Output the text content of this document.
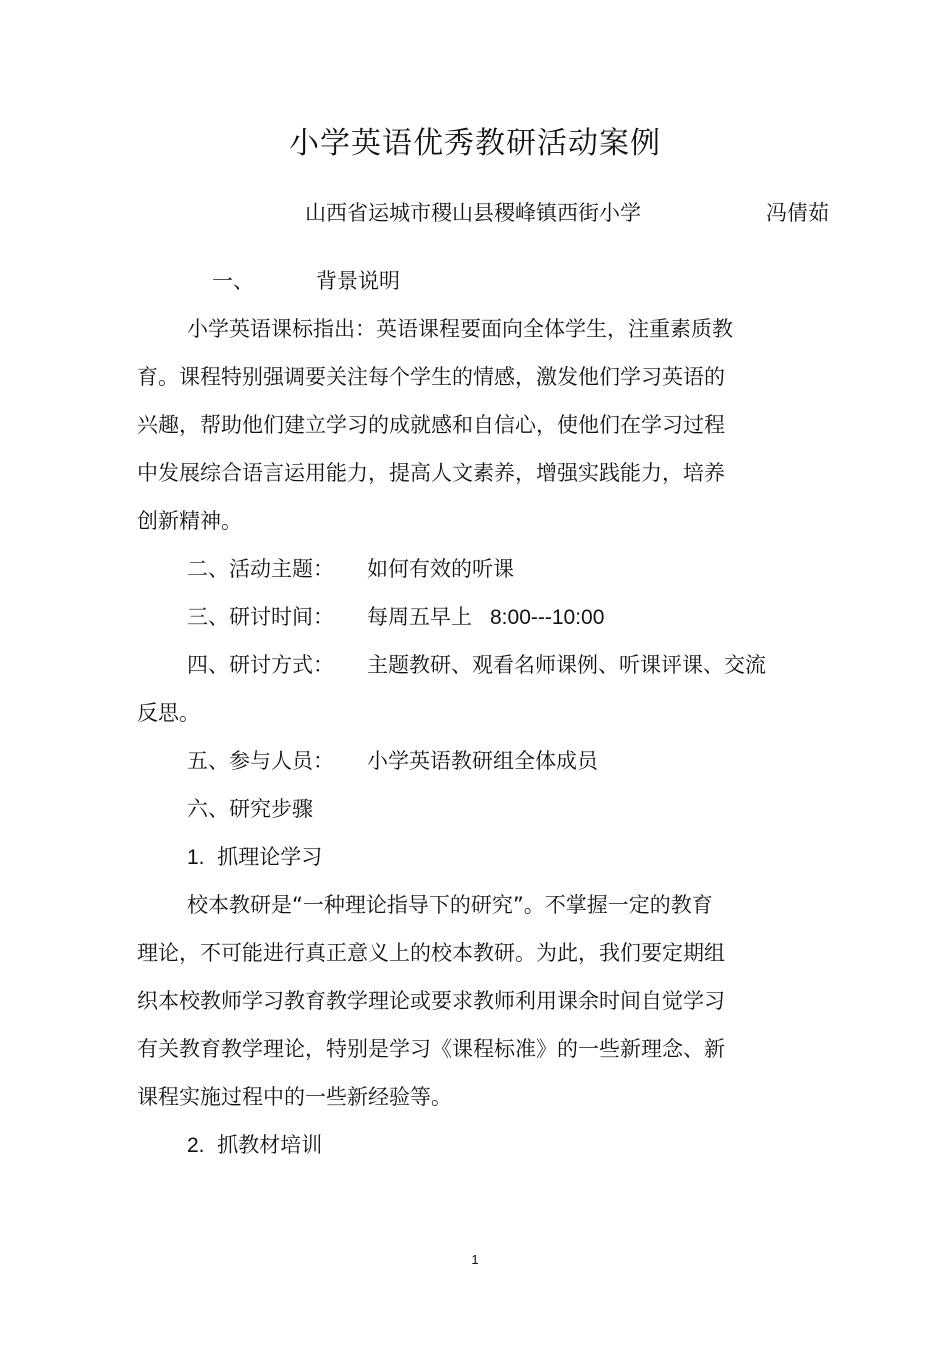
小学英语优秀教研活动案例
山西省运城市稷山县稷峰镇西街小学	冯倩茹
一、	背景说明
小学英语课标指出：英语课程要面向全体学生，注重素质教
育。课程特别强调要关注每个学生的情感，激发他们学习英语的
兴趣，帮助他们建立学习的成就感和自信心，使他们在学习过程
中发展综合语言运用能力，提高人文素养，增强实践能力，培养
创新精神。
二、活动主题： 如何有效的听课
三、研讨时间： 每周五早上 8:00---10:00
四、研讨方式： 主题教研、观看名师课例、听课评课、交流
反思。
五、参与人员： 小学英语教研组全体成员
六、研究步骤
1. 抓理论学习
校本教研是“一种理论指导下的研究”。不掌握一定的教育
理论，不可能进行真正意义上的校本教研。为此，我们要定期组
织本校教师学习教育教学理论或要求教师利用课余时间自觉学习
有关教育教学理论，特别是学习《课程标准》的一些新理念、新
课程实施过程中的一些新经验等。
2. 抓教材培训
1
